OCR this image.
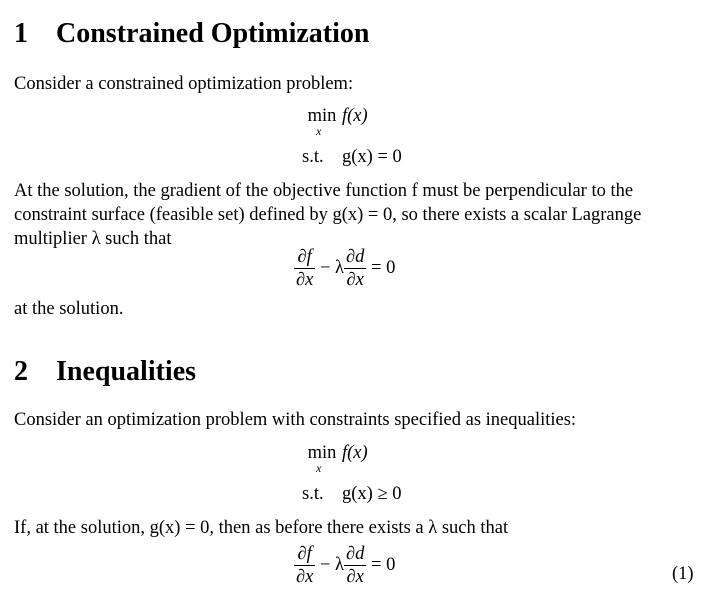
1 Constrained Optimization
Consider a constrained optimization problem:
min
x
f(x)
s.t. g(x) = 0
At the solution, the gradient of the objective function f must be perpendicular to the
constraint surface (feasible set) defined by g(x) = 0, so there exists a scalar Lagrange
multiplier λ such that
$\frac{\partial f}{\partial x} - \lambda \frac{\partial d}{\partial x} = 0$
at the solution.
2 Inequalities
Consider an optimization problem with constraints specified as inequalities:
min
x
f(x)
s.t. g(x) ≥ 0
If, at the solution, g(x) = 0, then as before there exists a λ such that
$\frac{\partial f}{\partial x} - \lambda \frac{\partial d}{\partial x} = 0$	(1)
